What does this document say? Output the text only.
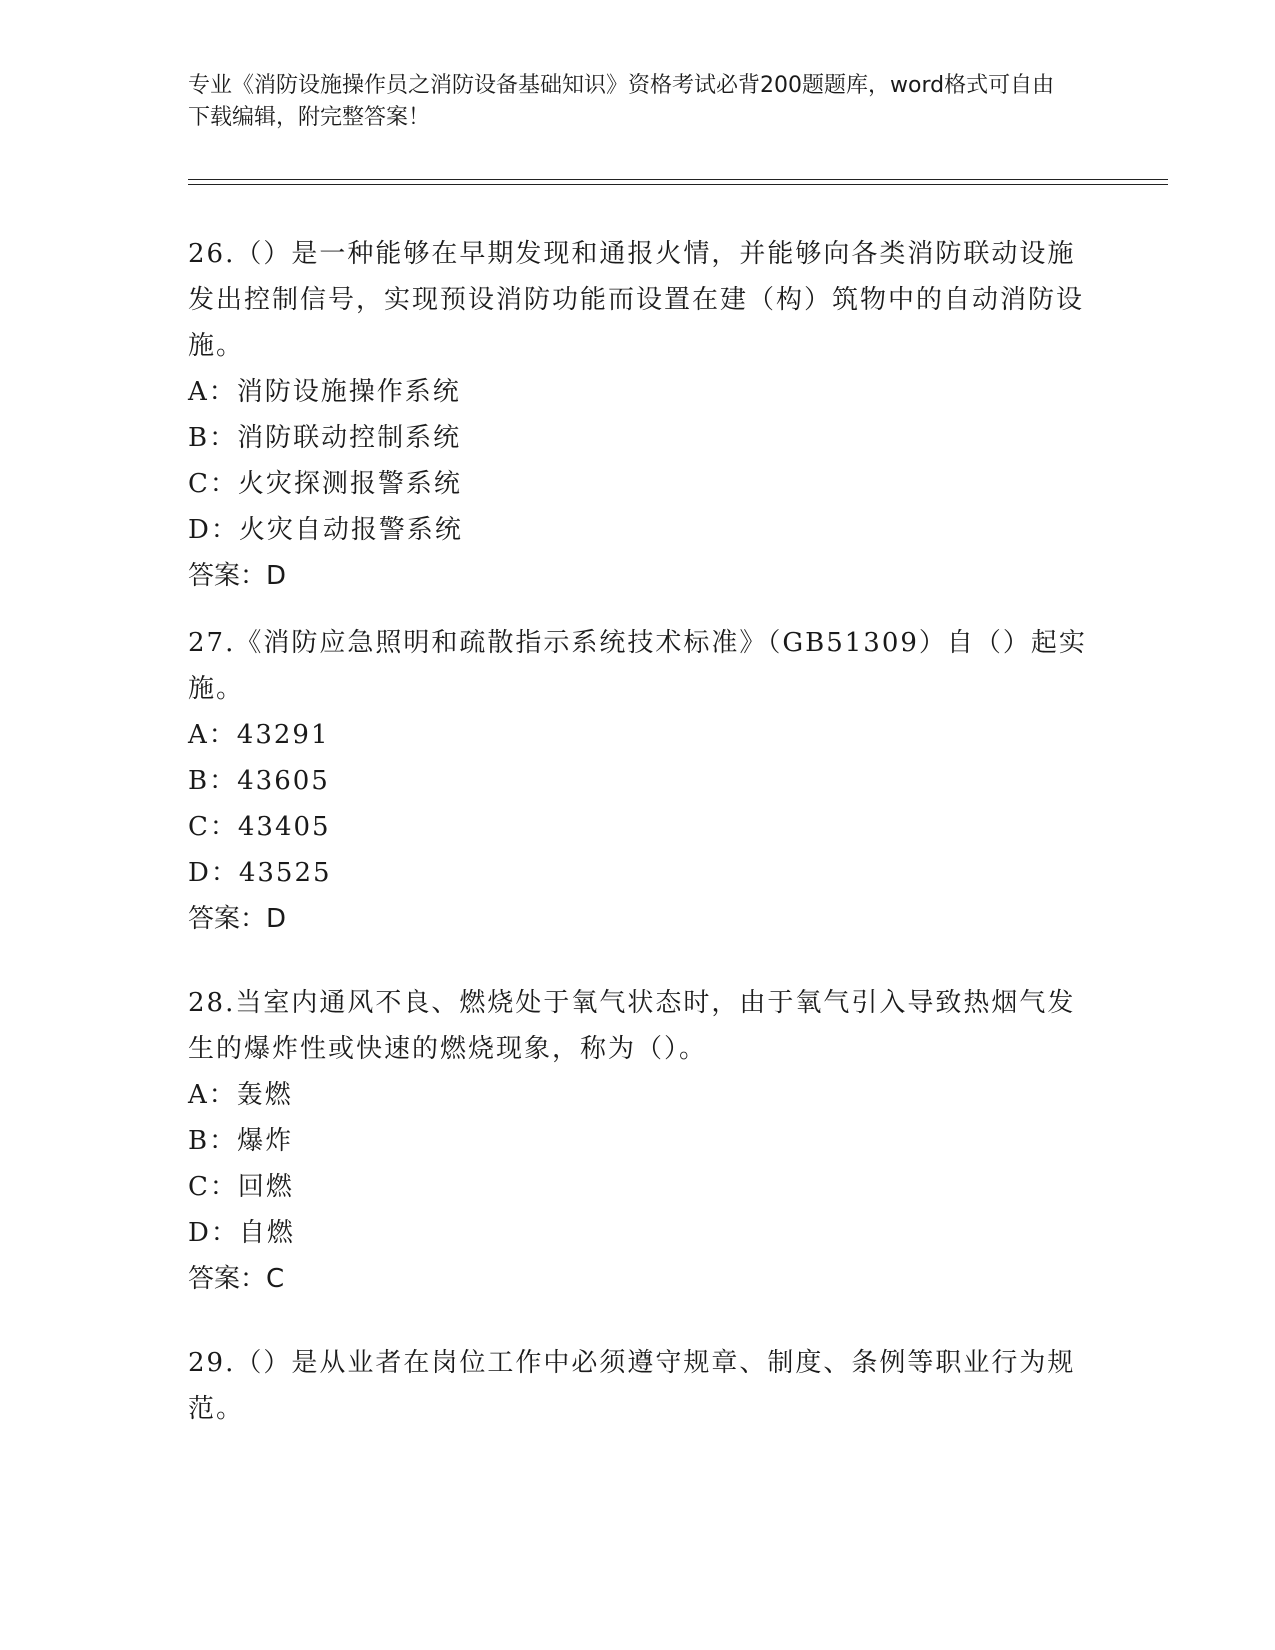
专业《消防设施操作员之消防设备基础知识》资格考试必背200题题库，word格式可自由下载编辑，附完整答案！
26.（）是一种能够在早期发现和通报火情，并能够向各类消防联动设施发出控制信号，实现预设消防功能而设置在建（构）筑物中的自动消防设施。
A：消防设施操作系统
B：消防联动控制系统
C：火灾探测报警系统
D：火灾自动报警系统
答案：D
27.《消防应急照明和疏散指示系统技术标准》（GB51309）自（）起实施。
A：43291
B：43605
C：43405
D：43525
答案：D
28.当室内通风不良、燃烧处于氧气状态时，由于氧气引入导致热烟气发生的爆炸性或快速的燃烧现象，称为（）。
A：轰燃
B：爆炸
C：回燃
D：自燃
答案：C
29.（）是从业者在岗位工作中必须遵守规章、制度、条例等职业行为规范。
